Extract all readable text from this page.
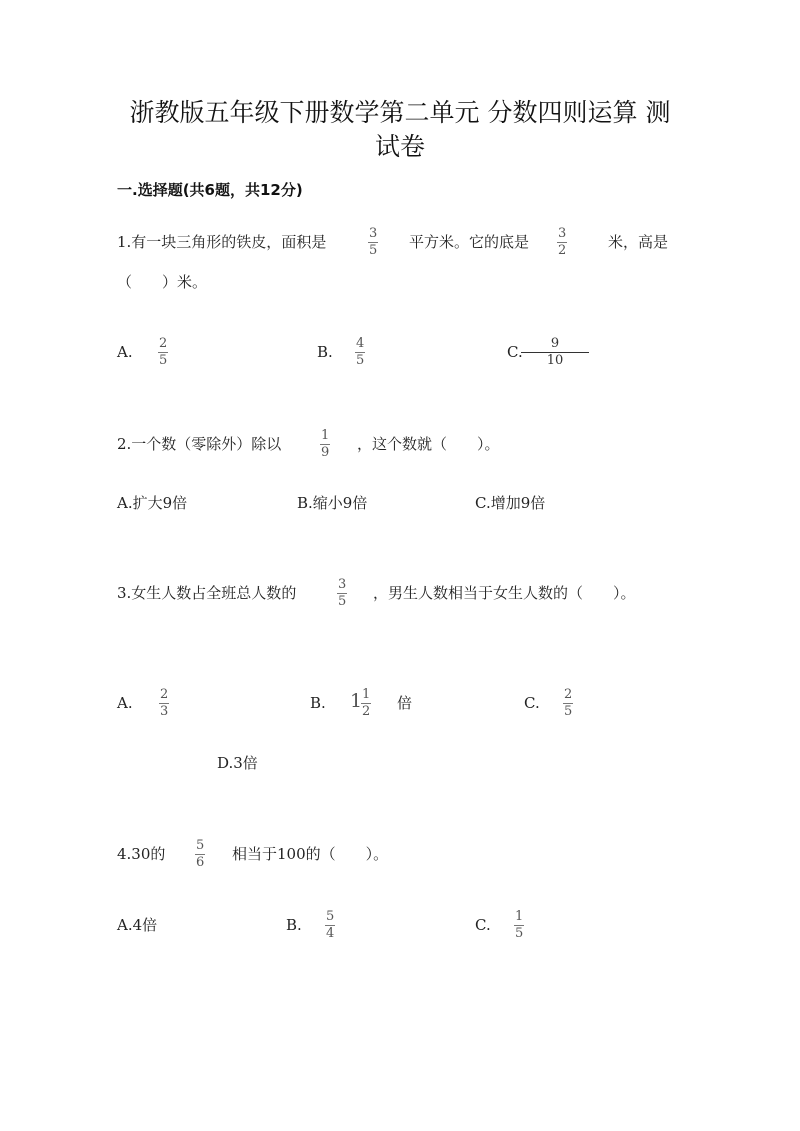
浙教版五年级下册数学第二单元 分数四则运算 测
试卷
一.选择题(共6题，共12分)
1.有一块三角形的铁皮，面积是	3
5 平方米。它的底是 3
2	米，高是
（　　）米。
A. 2
5	B. 4
5	C. 9
10
2.一个数（零除外）除以	1
9 ，这个数就（　　）。
A.扩大9倍	B.缩小9倍	C.增加9倍
3.女生人数占全班总人数的	3
5 ，男生人数相当于女生人数的（　　）。
A. 2
3	B. 1 1
2 倍	C. 2
5
D.3倍
4.30的 5
6 相当于100的（　　）。
A.4倍	B. 5
4	C. 1
5
